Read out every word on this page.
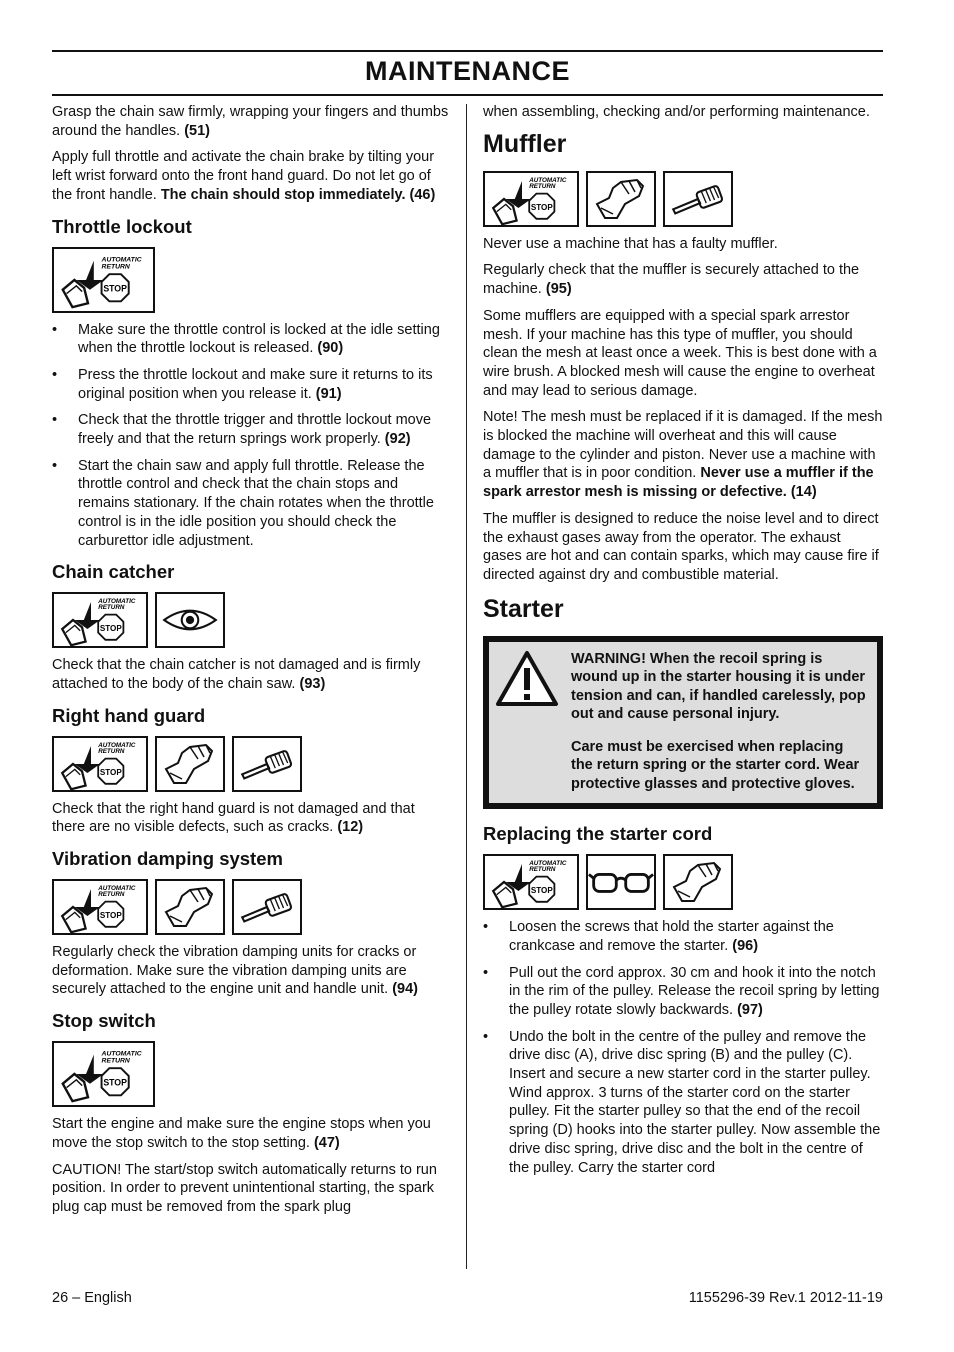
MAINTENANCE

Grasp the chain saw firmly, wrapping your fingers and thumbs around the handles. (51)

Apply full throttle and activate the chain brake by tilting your left wrist forward onto the front hand guard. Do not let go of the front handle. The chain should stop immediately. (46)

Throttle lockout
• Make sure the throttle control is locked at the idle setting when the throttle lockout is released. (90)
• Press the throttle lockout and make sure it returns to its original position when you release it. (91)
• Check that the throttle trigger and throttle lockout move freely and that the return springs work properly. (92)
• Start the chain saw and apply full throttle. Release the throttle control and check that the chain stops and remains stationary. If the chain rotates when the throttle control is in the idle position you should check the carburettor idle adjustment.
Chain catcher

Check that the chain catcher is not damaged and is firmly attached to the body of the chain saw. (93)

Right hand guard

Check that the right hand guard is not damaged and that there are no visible defects, such as cracks. (12)

Vibration damping system

Regularly check the vibration damping units for cracks or deformation. Make sure the vibration damping units are securely attached to the engine unit and handle unit. (94)

Stop switch

Start the engine and make sure the engine stops when you move the stop switch to the stop setting. (47)

CAUTION! The start/stop switch automatically returns to run position. In order to prevent unintentional starting, the spark plug cap must be removed from the spark plug

when assembling, checking and/or performing maintenance.

Muffler

Never use a machine that has a faulty muffler.

Regularly check that the muffler is securely attached to the machine. (95)

Some mufflers are equipped with a special spark arrestor mesh. If your machine has this type of muffler, you should clean the mesh at least once a week. This is best done with a wire brush. A blocked mesh will cause the engine to overheat and may lead to serious damage.

Note! The mesh must be replaced if it is damaged. If the mesh is blocked the machine will overheat and this will cause damage to the cylinder and piston. Never use a machine with a muffler that is in poor condition. Never use a muffler if the spark arrestor mesh is missing or defective. (14)

The muffler is designed to reduce the noise level and to direct the exhaust gases away from the operator. The exhaust gases are hot and can contain sparks, which may cause fire if directed against dry and combustible material.

Starter

WARNING! When the recoil spring is wound up in the starter housing it is under tension and can, if handled carelessly, pop out and cause personal injury.

Care must be exercised when replacing the return spring or the starter cord. Wear protective glasses and protective gloves.

Replacing the starter cord
• Loosen the screws that hold the starter against the crankcase and remove the starter. (96)
• Pull out the cord approx. 30 cm and hook it into the notch in the rim of the pulley. Release the recoil spring by letting the pulley rotate slowly backwards. (97)
• Undo the bolt in the centre of the pulley and remove the drive disc (A), drive disc spring (B) and the pulley (C). Insert and secure a new starter cord in the starter pulley. Wind approx. 3 turns of the starter cord on the starter pulley. Fit the starter pulley so that the end of the recoil spring (D) hooks into the starter pulley. Now assemble the drive disc spring, drive disc and the bolt in the centre of the pulley. Carry the starter cord
26 – English	1155296-39 Rev.1 2012-11-19
